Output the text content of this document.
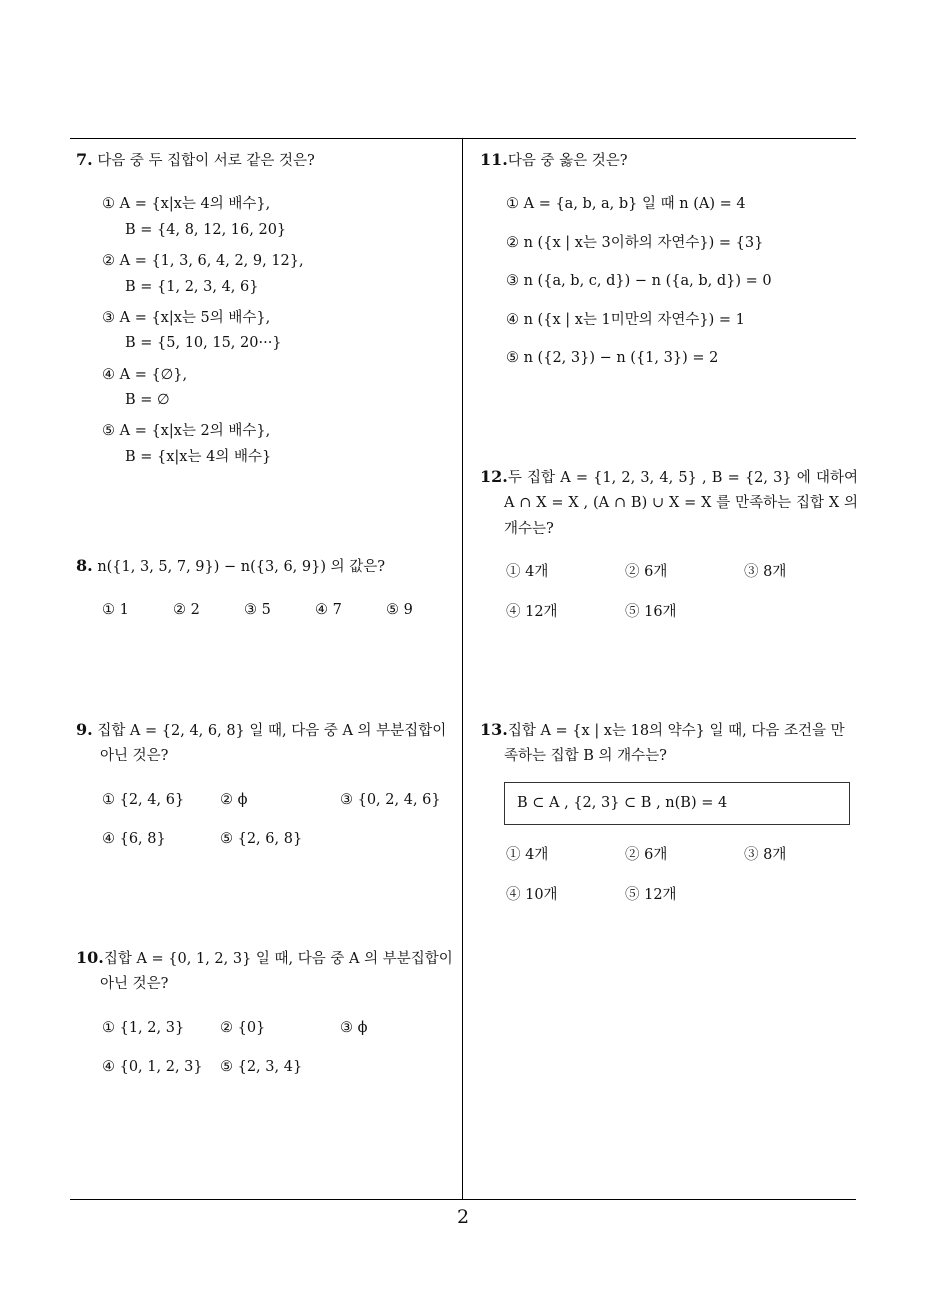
7. 다음 중 두 집합이 서로 같은 것은?
① A = {x|x는 4의 배수},
B = {4, 8, 12, 16, 20}
② A = {1, 3, 6, 4, 2, 9, 12},
B = {1, 2, 3, 4, 6}
③ A = {x|x는 5의 배수},
B = {5, 10, 15, 20···}
④ A = {∅},
B = ∅
⑤ A = {x|x는 2의 배수},
B = {x|x는 4의 배수}
8. n({1, 3, 5, 7, 9}) − n({3, 6, 9}) 의 값은?
① 1	② 2	③ 5	④ 7	⑤ 9
9. 집합 A = {2, 4, 6, 8} 일 때, 다음 중 A 의 부분집합이 아닌 것은?
① {2, 4, 6}	② ϕ	③ {0, 2, 4, 6}
④ {6, 8}	⑤ {2, 6, 8}
10.집합 A = {0, 1, 2, 3} 일 때, 다음 중 A 의 부분집합이 아닌 것은?
① {1, 2, 3}	② {0}	③ ϕ
④ {0, 1, 2, 3}	⑤ {2, 3, 4}
11.다음 중 옳은 것은?
① A = {a, b, a, b} 일 때 n (A) = 4
② n ({x | x는 3이하의 자연수}) = {3}
③ n ({a, b, c, d}) − n ({a, b, d}) = 0
④ n ({x | x는 1미만의 자연수}) = 1
⑤ n ({2, 3}) − n ({1, 3}) = 2
12.두 집합 A = {1, 2, 3, 4, 5} , B = {2, 3} 에 대하여 A ∩ X = X , (A ∩ B) ∪ X = X 를 만족하는 집합 X 의 개수는?
① 4개	② 6개	③ 8개
④ 12개	⑤ 16개
13.집합 A = {x | x는 18의 약수} 일 때, 다음 조건을 만족하는 집합 B 의 개수는?
B ⊂ A , {2, 3} ⊂ B , n(B) = 4
① 4개	② 6개	③ 8개
④ 10개	⑤ 12개
2
